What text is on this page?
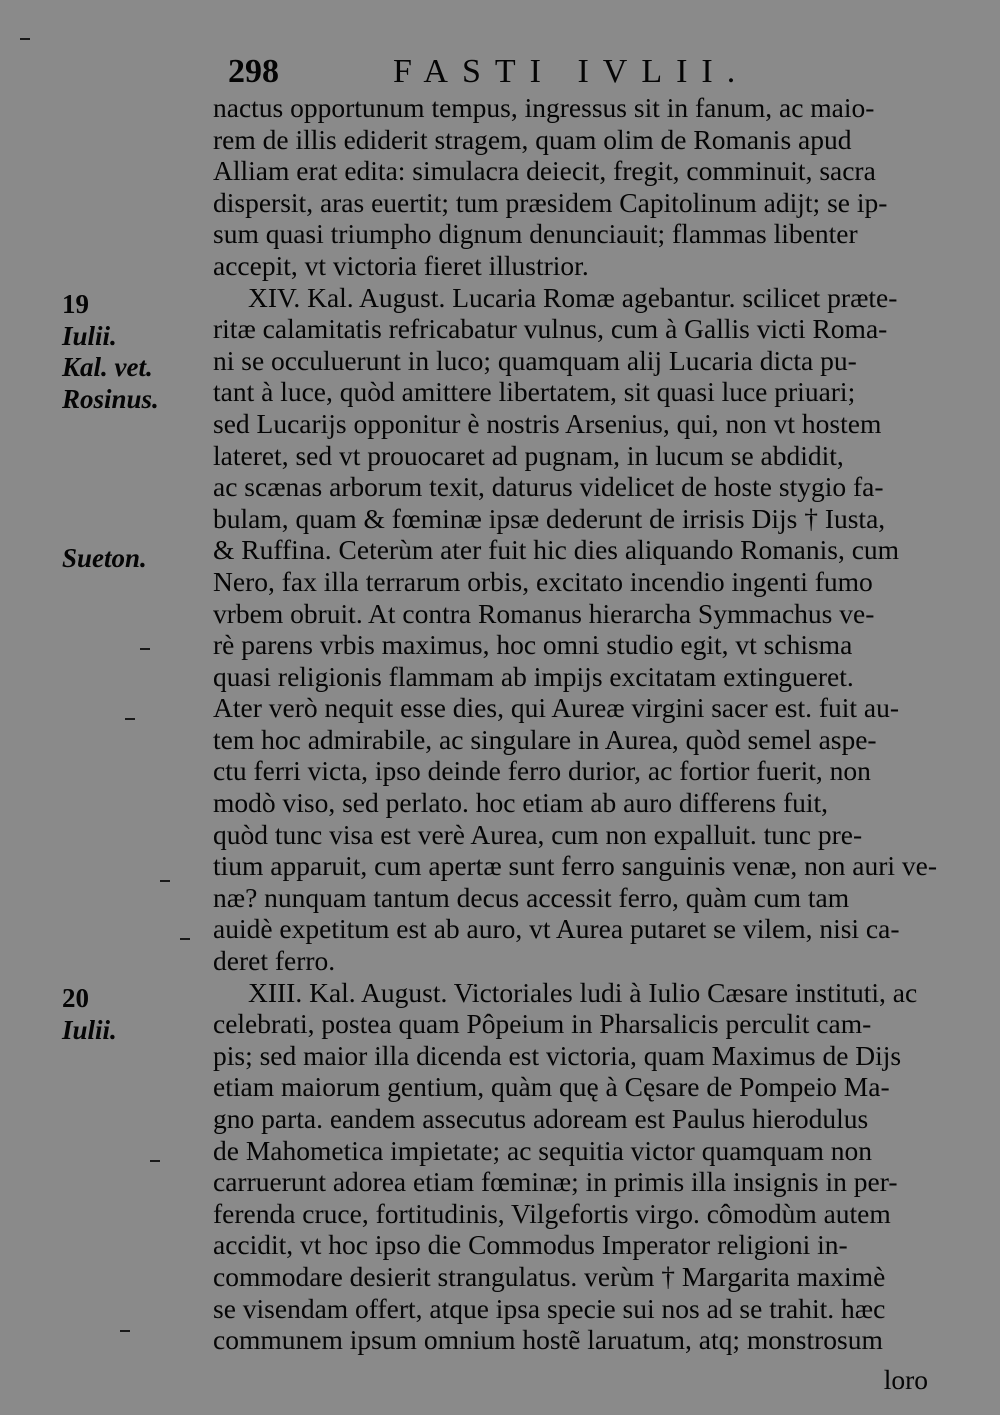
298	FASTI IVLII.
19
Iulii.
Kal. vet.
Rosinus.
Sueton.
20
Iulii.
nactus opportunum tempus, ingressus sit in fanum, ac maio-
rem de illis ediderit stragem, quam olim de Romanis apud
Alliam erat edita: simulacra deiecit, fregit, comminuit, sacra
dispersit, aras euertit; tum præsidem Capitolinum adijt; se ip-
sum quasi triumpho dignum denunciauit; flammas libenter
accepit, vt victoria fieret illustrior.
XIV. Kal. August. Lucaria Romæ agebantur. scilicet præte-
ritæ calamitatis refricabatur vulnus, cum à Gallis victi Roma-
ni se occuluerunt in luco; quamquam alij Lucaria dicta pu-
tant à luce, quòd amittere libertatem, sit quasi luce priuari;
sed Lucarijs opponitur è nostris Arsenius, qui, non vt hostem
lateret, sed vt prouocaret ad pugnam, in lucum se abdidit,
ac scænas arborum texit, daturus videlicet de hoste stygio fa-
bulam, quam & fœminæ ipsæ dederunt de irrisis Dijs † Iusta,
& Ruffina. Ceterùm ater fuit hic dies aliquando Romanis, cum
Nero, fax illa terrarum orbis, excitato incendio ingenti fumo
vrbem obruit. At contra Romanus hierarcha Symmachus ve-
rè parens vrbis maximus, hoc omni studio egit, vt schisma
quasi religionis flammam ab impijs excitatam extingueret.
Ater verò nequit esse dies, qui Aureæ virgini sacer est. fuit au-
tem hoc admirabile, ac singulare in Aurea, quòd semel aspe-
ctu ferri victa, ipso deinde ferro durior, ac fortior fuerit, non
modò viso, sed perlato. hoc etiam ab auro differens fuit,
quòd tunc visa est verè Aurea, cum non expalluit. tunc pre-
tium apparuit, cum apertæ sunt ferro sanguinis venæ, non auri ve-
næ? nunquam tantum decus accessit ferro, quàm cum tam
auidè expetitum est ab auro, vt Aurea putaret se vilem, nisi ca-
deret ferro.
XIII. Kal. August. Victoriales ludi à Iulio Cæsare instituti, ac
celebrati, postea quam Pôpeium in Pharsalicis perculit cam-
pis; sed maior illa dicenda est victoria, quam Maximus de Dijs
etiam maiorum gentium, quàm quę à Cęsare de Pompeio Ma-
gno parta. eandem assecutus adoream est Paulus hierodulus
de Mahometica impietate; ac sequitia victor quamquam non
carruerunt adorea etiam fœminæ; in primis illa insignis in per-
ferenda cruce, fortitudinis, Vilgefortis virgo. cômodùm autem
accidit, vt hoc ipso die Commodus Imperator religioni in-
commodare desierit strangulatus. verùm † Margarita maximè
se visendam offert, atque ipsa specie sui nos ad se trahit. hæc
communem ipsum omnium hostẽ laruatum, atq; monstrosum
loro
